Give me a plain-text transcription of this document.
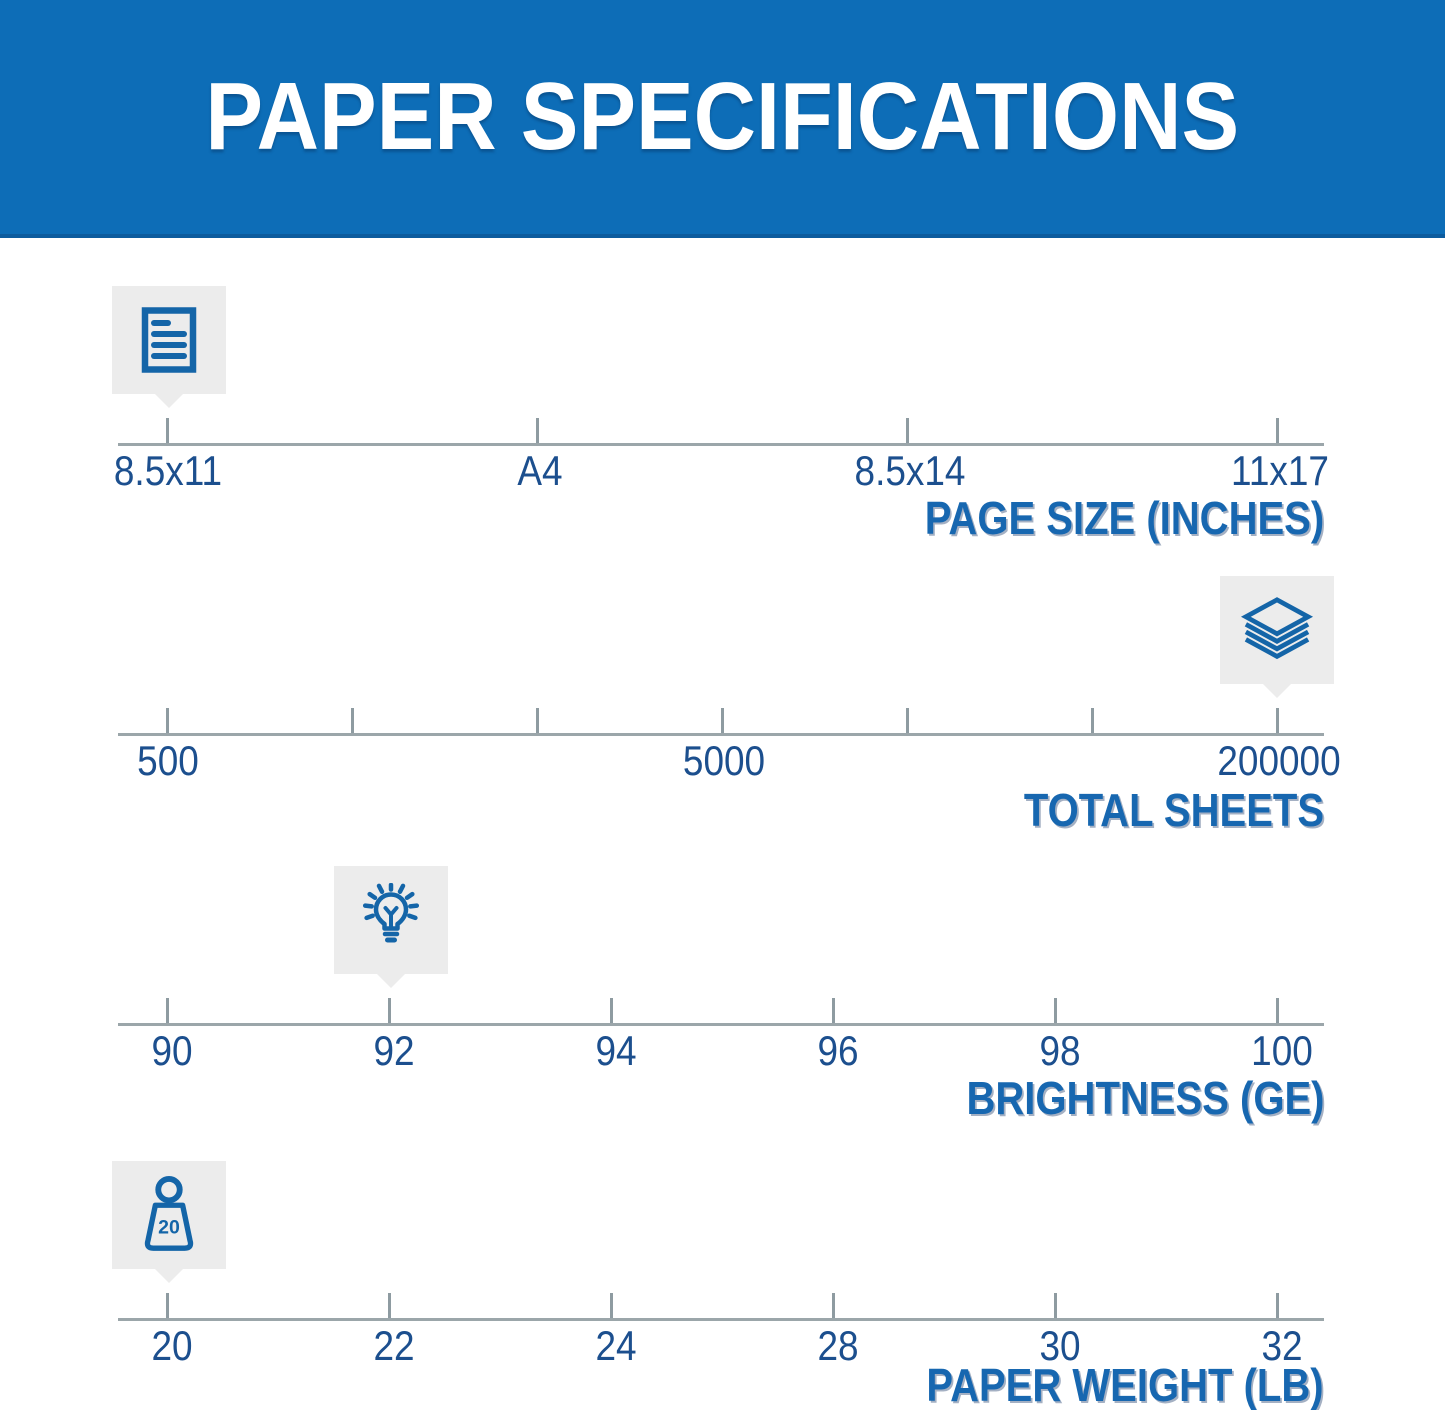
PAPER SPECIFICATIONS
8.5x11	A4	8.5x14	11x17
PAGE SIZE (INCHES)
500	5000	200000
TOTAL SHEETS
90	92	94	96	98	100
BRIGHTNESS (GE)
20
20	22	24	28	30	32
PAPER WEIGHT (LB)
